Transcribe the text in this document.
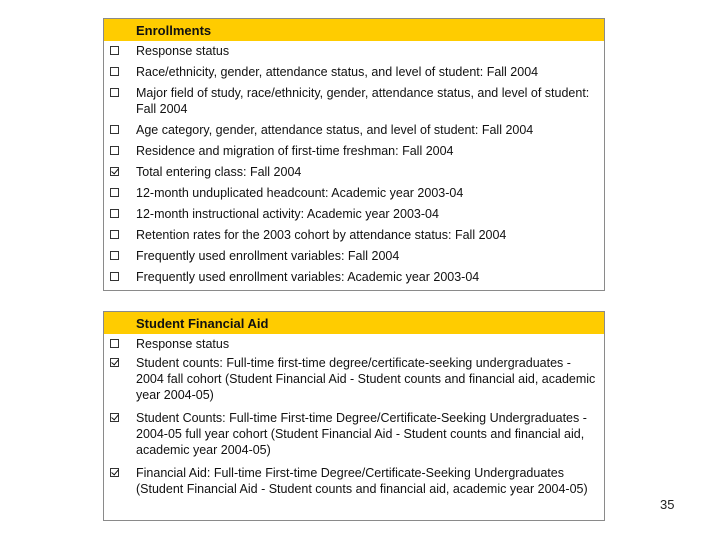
Enrollments
Response status
Race/ethnicity, gender, attendance status, and level of student: Fall 2004
Major field of study, race/ethnicity, gender, attendance status, and level of student: Fall 2004
Age category, gender, attendance status, and level of student: Fall 2004
Residence and migration of first-time freshman: Fall 2004
Total entering class: Fall 2004
12-month unduplicated headcount: Academic year 2003-04
12-month instructional activity: Academic year 2003-04
Retention rates for the 2003 cohort by attendance status: Fall 2004
Frequently used enrollment variables: Fall 2004
Frequently used enrollment variables: Academic year 2003-04
Student Financial Aid
Response status
Student counts: Full-time first-time degree/certificate-seeking undergraduates - 2004 fall cohort (Student Financial Aid - Student counts and financial aid, academic year 2004-05)
Student Counts: Full-time First-time Degree/Certificate-Seeking Undergraduates - 2004-05 full year cohort (Student Financial Aid - Student counts and financial aid, academic year 2004-05)
Financial Aid: Full-time First-time Degree/Certificate-Seeking Undergraduates (Student Financial Aid - Student counts and financial aid, academic year 2004-05)
35
